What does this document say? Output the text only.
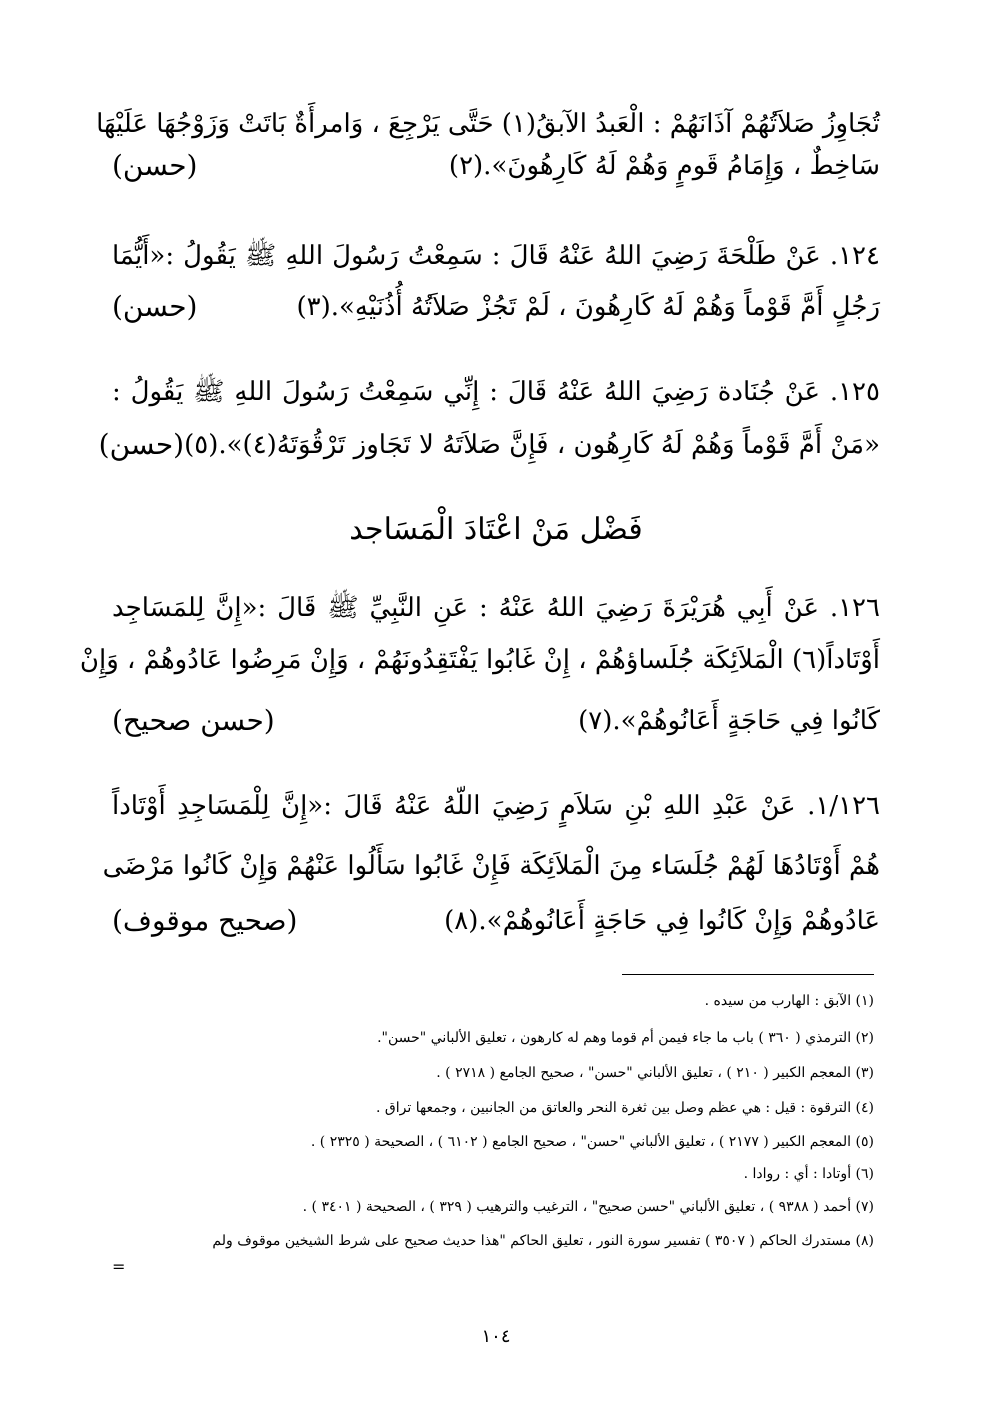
تُجَاوِزُ صَلاَتُهُمْ آذَانَهُمْ : الْعَبدُ الآبقُ(١) حَتَّى يَرْجِعَ ، وَامرأَةٌ بَاتَتْ وَزَوْجُهَا عَلَيْهَا
سَاخِطٌ ، وَإِمَامُ قَومٍ وَهُمْ لَهُ كَارِهُونَ».(٢)
(حسن)
١٢٤. عَنْ طَلْحَةَ رَضِيَ اللهُ عَنْهُ قَالَ : سَمِعْتُ رَسُولَ اللهِ ﷺ يَقُولُ :«أَيُّمَا
رَجُلٍ أَمَّ قَوْماً وَهُمْ لَهُ كَارِهُونَ ، لَمْ تَجُزْ صَلاَتُهُ أُذُنَيْهِ».(٣)
(حسن)
١٢٥. عَنْ جُنَادة رَضِيَ اللهُ عَنْهُ قَالَ : إِنِّي سَمِعْتُ رَسُولَ اللهِ ﷺ يَقُولُ :
«مَنْ أَمَّ قَوْماً وَهُمْ لَهُ كَارِهُون ، فَإِنَّ صَلاَتَهُ لا تَجَاوز تَرْقُوَتَهُ(٤)».(٥)
(حسن)
فَضْل مَنْ اعْتَادَ الْمَسَاجد
١٢٦. عَنْ أَبِي هُرَيْرَةَ رَضِيَ اللهُ عَنْهُ : عَنِ النَّبِيِّ ﷺ قَالَ :«إِنَّ لِلمَسَاجِد
أَوْتَاداً(٦) الْمَلاَئِكَة جُلَساؤهُمْ ، إِنْ غَابُوا يَفْتَقِدُونَهُمْ ، وَإِنْ مَرِضُوا عَادُوهُمْ ، وَإِنْ
كَانُوا فِي حَاجَةٍ أَعَانُوهُمْ».(٧)
(حسن صحيح)
١/١٢٦. عَنْ عَبْدِ اللهِ بْنِ سَلاَمٍ رَضِيَ اللّهُ عَنْهُ قَالَ :«إِنَّ لِلْمَسَاجِدِ أَوْتَاداً
هُمْ أَوْتَادُهَا لَهُمْ جُلَسَاء مِنَ الْمَلاَئِكَة فَإِنْ غَابُوا سَأَلُوا عَنْهُمْ وَإِنْ كَانُوا مَرْضَى
عَادُوهُمْ وَإِنْ كَانُوا فِي حَاجَةٍ أَعَانُوهُمْ».(٨)
(صحيح موقوف)
(١) الآبق : الهارب من سيده .
(٢) الترمذي ( ٣٦٠ ) باب ما جاء فيمن أم قوما وهم له كارهون ، تعليق الألباني "حسن".
(٣) المعجم الكبير ( ٢١٠ ) ، تعليق الألباني "حسن" ، صحيح الجامع ( ٢٧١٨ ) .
(٤) الترقوة : قيل : هي عظم وصل بين ثغرة النحر والعاتق من الجانبين ، وجمعها تراق .
(٥) المعجم الكبير ( ٢١٧٧ ) ، تعليق الألباني "حسن" ، صحيح الجامع ( ٦١٠٢ ) ، الصحيحة ( ٢٣٢٥ ) .
(٦) أوتادا : أي : روادا .
(٧) أحمد ( ٩٣٨٨ ) ، تعليق الألباني "حسن صحيح" ، الترغيب والترهيب ( ٣٢٩ ) ، الصحيحة ( ٣٤٠١ ) .
(٨) مستدرك الحاكم ( ٣٥٠٧ ) تفسير سورة النور ، تعليق الحاكم "هذا حديث صحيح على شرط الشيخين موقوف ولم
=
١٠٤
